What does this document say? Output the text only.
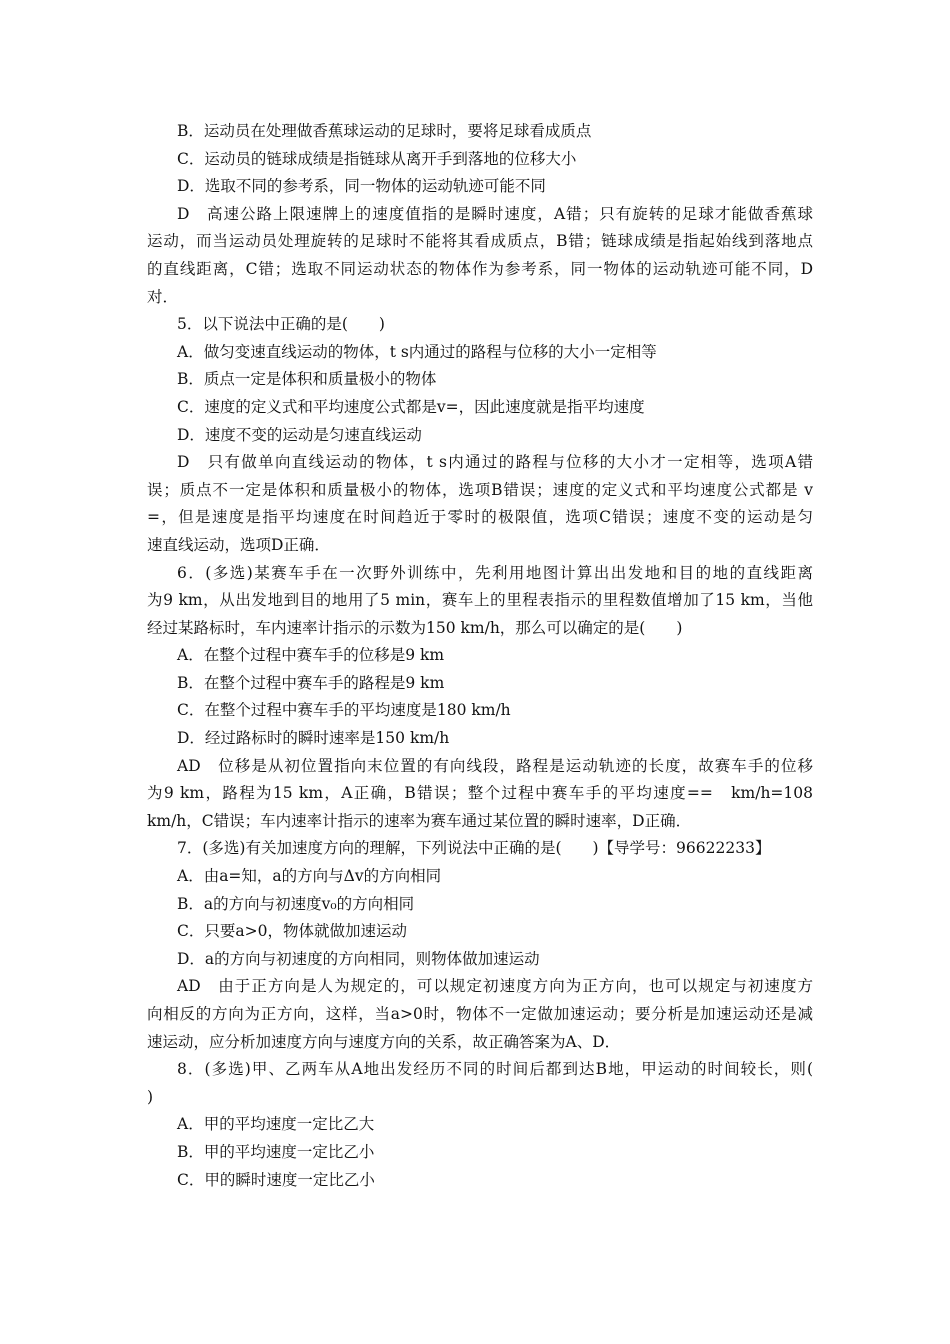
B．运动员在处理做香蕉球运动的足球时，要将足球看成质点
C．运动员的链球成绩是指链球从离开手到落地的位移大小
D．选取不同的参考系，同一物体的运动轨迹可能不同
D　高速公路上限速牌上的速度值指的是瞬时速度，A错；只有旋转的足球才能做香蕉球
运动，而当运动员处理旋转的足球时不能将其看成质点，B错；链球成绩是指起始线到落地点
的直线距离，C错；选取不同运动状态的物体作为参考系，同一物体的运动轨迹可能不同，D
对．
5．以下说法中正确的是(　　)
A．做匀变速直线运动的物体，t s内通过的路程与位移的大小一定相等
B．质点一定是体积和质量极小的物体
C．速度的定义式和平均速度公式都是v=，因此速度就是指平均速度
D．速度不变的运动是匀速直线运动
D　只有做单向直线运动的物体，t s内通过的路程与位移的大小才一定相等，选项A错
误；质点不一定是体积和质量极小的物体，选项B错误；速度的定义式和平均速度公式都是 v
=，但是速度是指平均速度在时间趋近于零时的极限值，选项C错误；速度不变的运动是匀
速直线运动，选项D正确．
6．(多选)某赛车手在一次野外训练中，先利用地图计算出出发地和目的地的直线距离
为9 km，从出发地到目的地用了5 min，赛车上的里程表指示的里程数值增加了15 km，当他
经过某路标时，车内速率计指示的示数为150 km/h，那么可以确定的是(　　)
A．在整个过程中赛车手的位移是9 km
B．在整个过程中赛车手的路程是9 km
C．在整个过程中赛车手的平均速度是180 km/h
D．经过路标时的瞬时速率是150 km/h
AD　位移是从初位置指向末位置的有向线段，路程是运动轨迹的长度，故赛车手的位移
为9 km，路程为15 km，A正确，B错误；整个过程中赛车手的平均速度==　km/h=108
km/h，C错误；车内速率计指示的速率为赛车通过某位置的瞬时速率，D正确．
7．(多选)有关加速度方向的理解，下列说法中正确的是(　　)【导学号：96622233】
A．由a=知，a的方向与Δv的方向相同
B．a的方向与初速度v₀的方向相同
C．只要a>0，物体就做加速运动
D．a的方向与初速度的方向相同，则物体做加速运动
AD　由于正方向是人为规定的，可以规定初速度方向为正方向，也可以规定与初速度方
向相反的方向为正方向，这样，当a>0时，物体不一定做加速运动；要分析是加速运动还是减
速运动，应分析加速度方向与速度方向的关系，故正确答案为A、D．
8．(多选)甲、乙两车从A地出发经历不同的时间后都到达B地，甲运动的时间较长，则(
)
A．甲的平均速度一定比乙大
B．甲的平均速度一定比乙小
C．甲的瞬时速度一定比乙小
